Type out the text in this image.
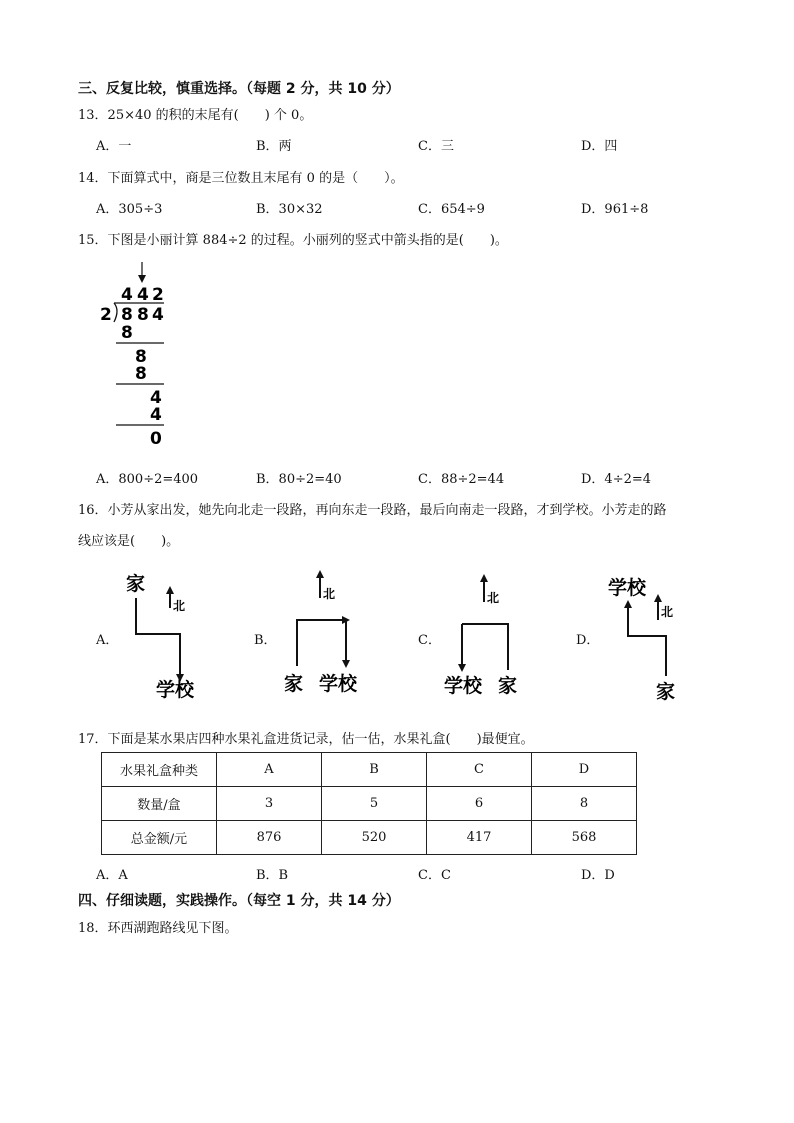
三、反复比较，慎重选择。（每题 2 分，共 10 分）
13．25×40 的积的末尾有(　　) 个 0。
A．一	B．两	C．三	D．四
14．下面算式中，商是三位数且末尾有 0 的是（　　）。
A．305÷3	B．30×32	C．654÷9	D．961÷8
15．下图是小丽计算 884÷2 的过程。小丽列的竖式中箭头指的是(　　)。
4 4 2
2 8 8 4
8
8
8
4
4
0
A．800÷2=400	B．80÷2=40	C．88÷2=44	D．4÷2=4
16．小芳从家出发，她先向北走一段路，再向东走一段路，最后向南走一段路，才到学校。小芳走的路
线应该是(　　)。
A．
家
北
学校
B．
北
家 学校
C．
北
学校 家
D．
学校
北
家
17．下面是某水果店四种水果礼盒进货记录，估一估，水果礼盒(　　)最便宜。
水果礼盒种类	A	B	C	D
数量/盒	3	5	6	8
总金额/元	876	520	417	568
A．A	B．B	C．C	D．D
四、仔细读题，实践操作。（每空 1 分，共 14 分）
18．环西湖跑路线见下图。
